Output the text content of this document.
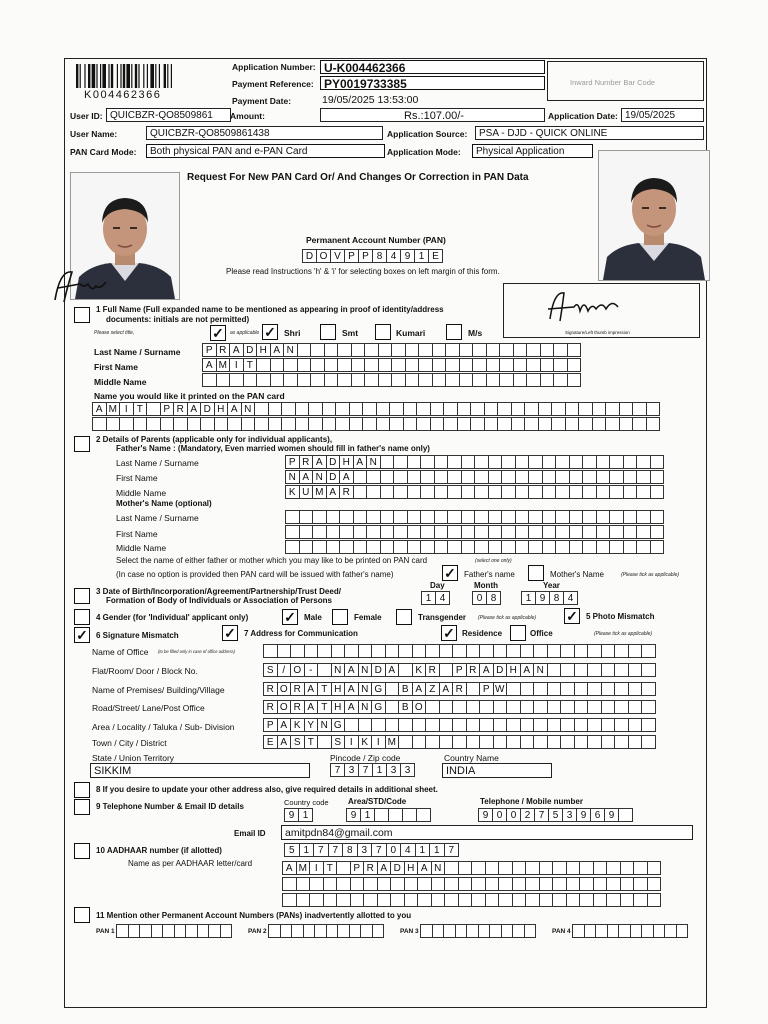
K004462366
Application Number: U-K004462366
Payment Reference: PY0019733385
Payment Date:	19/05/2025 13:53:00
Inward Number Bar Code
User ID: QUICBZR-QO8509861	Amount:	Rs.:107.00/-	Application Date: 19/05/2025
User Name:	QUICBZR-QO8509861438	Application Source:	PSA - DJD - QUICK ONLINE
PAN Card Mode:	Both physical PAN and e-PAN Card	Application Mode:	Physical Application
Request For New PAN Card Or/ And Changes Or Correction in PAN Data
Permanent Account Number (PAN)
D O V P P 8 4 9 1 E
Please read Instructions 'h' & 'i' for selecting boxes on left margin of this form.
Signature/Left thumb impression
1 Full Name (Full expanded name to be mentioned as appearing in proof of identity/address
documents: initials are not permitted)
Please select title,	✓	as applicable ✓ Shri	Smt	Kumari	M/s
Last Name / Surname	P R A D H A N
First Name	A M I T
Middle Name
Name you would like it printed on the PAN card
A M I T	P R A D H A N
2 Details of Parents (applicable only for individual applicants),
Father's Name : (Mandatory, Even married women should fill in father's name only)
Last Name / Surname	P R A D H A N
First Name	N A N D A
Middle Name	K U M A R
Mother's Name (optional)
Last Name / Surname
First Name
Middle Name
Select the name of either father or mother which you may like to be printed on PAN card	(select one only)
(In case no option is provided then PAN card will be issued with father's name)	✓ Father's name	Mother's Name	(Please tick as applicable)
3 Date of Birth/Incorporation/Agreement/Partnership/Trust Deed/
Formation of Body of Individuals or Association of Persons
Day	Month	Year
1 4	0 8	1 9 8 4
4 Gender (for 'Individual' applicant only)	✓ Male	Female	Transgender (Please tick as applicable) ✓ 5 Photo Mismatch
✓ 6 Signature Mismatch	✓ 7 Address for Communication	✓ Residence	Office	(Please tick as applicable)
Name of Office (to be filled only in case of office address)
Flat/Room/ Door / Block No.	S / O -	N A N D A	K R	P R A D H A N
Name of Premises/ Building/Village	R O R A T H A N G	B A Z A R	P W
Road/Street/ Lane/Post Office	R O R A T H A N G	B O
Area / Locality / Taluka / Sub- Division	P A K Y N G
Town / City / District	E A S T	S I K I M
State / Union Territory	Pincode / Zip code	Country Name
SIKKIM	7 3 7 1 3 3	INDIA
8 If you desire to update your other address also, give required details in additional sheet.
9 Telephone Number & Email ID details	Country code Area/STD/Code	Telephone / Mobile number
9 1	9 1	9 0 0 2 7 5 3 9 6 9
Email ID	amitpdn84@gmail.com
10 AADHAAR number (if allotted)	5 1 7 7 8 3 7 0 4 1 1 7
Name as per AADHAAR letter/card	A M I T	P R A D H A N
11 Mention other Permanent Account Numbers (PANs) inadvertently allotted to you
PAN 1	PAN 2	PAN 3	PAN 4
